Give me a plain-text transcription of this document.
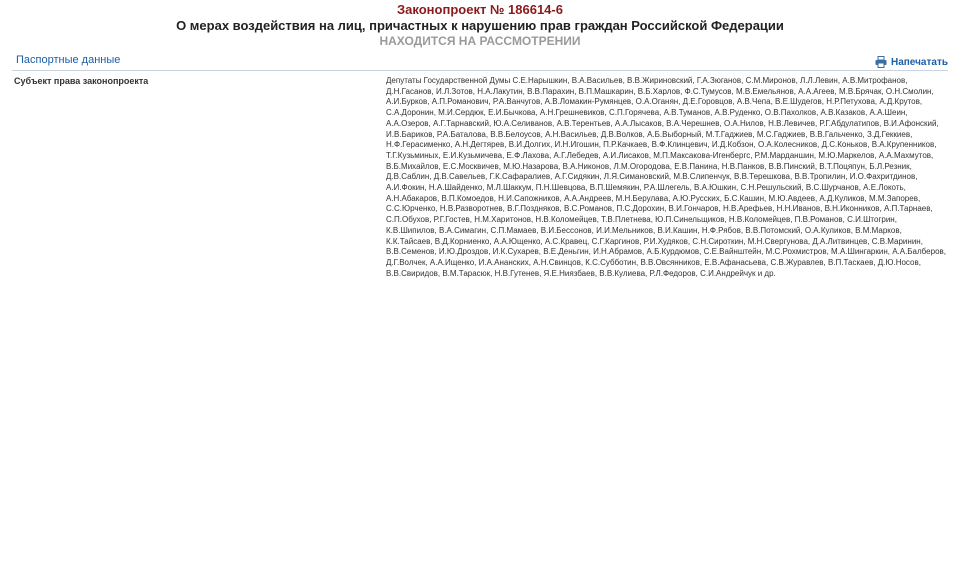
Законопроект № 186614-6
О мерах воздействия на лиц, причастных к нарушению прав граждан Российской Федерации
НАХОДИТСЯ НА РАССМОТРЕНИИ
Паспортные данные	Напечатать
Субъект права законопроекта	Депутаты Государственной Думы С.Е.Нарышкин, В.А.Васильев, В.В.Жириновский, Г.А.Зюганов, С.М.Миронов, Л.Л.Левин, А.В.Митрофанов, Д.Н.Гасанов, И.Л.Зотов, Н.А.Лакутин, В.В.Парахин, В.П.Машкарин, В.Б.Харлов, Ф.С.Тумусов, М.В.Емельянов, А.А.Агеев, М.В.Брячак, О.Н.Смолин, А.И.Бурков, А.П.Романович, Р.А.Ванчугов, А.В.Ломакин-Румянцев, О.А.Оганян, Д.Е.Горовцов, А.В.Чепа, В.Е.Шудегов, Н.Р.Петухова, А.Д.Крутов, С.А.Доронин, М.И.Сердюк, Е.И.Бычкова, А.Н.Грешневиков, С.П.Горячева, А.В.Туманов, А.В.Руденко, О.В.Пахолков, А.В.Казаков, А.А.Шеин, А.А.Озеров, А.Г.Тарнавский, Ю.А.Селиванов, А.В.Терентьев, А.А.Лысаков, В.А.Черешнев, О.А.Нилов, Н.В.Левичев, Р.Г.Абдулатипов, В.И.Афонский, И.В.Бариков, Р.А.Баталова, В.В.Белоусов, А.Н.Васильев, Д.В.Волков, А.Б.Выборный, М.Т.Гаджиев, М.С.Гаджиев, В.В.Гальченко, З.Д.Геккиев, Н.Ф.Герасименко, А.Н.Дегтярев, В.И.Долгих, И.Н.Игошин, П.Р.Качкаев, В.Ф.Клинцевич, И.Д.Кобзон, О.А.Колесников, Д.С.Коньков, В.А.Крупенников, Т.Г.Кузьминых, Е.И.Кузьмичева, Е.Ф.Лахова, А.Г.Лебедев, А.И.Лисаков, М.П.Максакова-Игенбергс, Р.М.Марданшин, М.Ю.Маркелов, А.А.Махмутов, В.Б.Михайлов, Е.С.Москвичев, М.Ю.Назарова, В.А.Никонов, Л.М.Огородова, Е.В.Панина, Н.В.Панков, В.В.Пинский, В.Т.Поцяпун, Б.Л.Резник, Д.В.Саблин, Д.В.Савельев, Г.К.Сафаралиев, А.Г.Сидякин, Л.Я.Симановский, М.В.Слипенчук, В.В.Терешкова, В.В.Тропилин, И.О.Фахритдинов, А.И.Фокин, Н.А.Шайденко, М.Л.Шаккум, П.Н.Шевцова, В.П.Шемякин, Р.А.Шлегель, В.А.Юшкин, С.Н.Решульский, В.С.Шурчанов, А.Е.Локоть, А.Н.Абакаров, В.П.Комоедов, Н.И.Сапожников, А.А.Андреев, М.Н.Берулава, А.Ю.Русских, Б.С.Кашин, М.Ю.Авдеев, А.Д.Куликов, М.М.Запорев, С.С.Юрченко, Н.В.Разворотнев, В.Г.Поздняков, В.С.Романов, П.С.Дорохин, В.И.Гончаров, Н.В.Арефьев, Н.Н.Иванов, В.Н.Иконников, А.П.Тарнаев, С.П.Обухов, Р.Г.Гостев, Н.М.Харитонов, Н.В.Коломейцев, Т.В.Плетнева, Ю.П.Синельщиков, Н.В.Коломейцев, П.В.Романов, С.И.Штогрин, К.В.Шипилов, В.А.Симагин, С.П.Мамаев, В.И.Бессонов, И.И.Мельников, В.И.Кашин, Н.Ф.Рябов, В.В.Потомский, О.А.Куликов, В.М.Марков, К.К.Тайсаев, В.Д.Корниенко, А.А.Ющенко, А.С.Кравец, С.Г.Каргинов, Р.И.Худяков, С.Н.Сироткин, М.Н.Свергунова, Д.А.Литвинцев, С.В.Маринин, В.В.Семенов, И.Ю.Дроздов, И.К.Сухарев, В.Е.Деньгин, И.Н.Абрамов, А.Б.Курдюмов, С.Е.Вайнштейн, М.С.Рохмистров, М.А.Шингаркин, А.А.Балберов, Д.Г.Волчек, А.А.Ищенко, И.А.Ананских, А.Н.Свинцов, К.С.Субботин, В.В.Овсянников, Е.В.Афанасьева, С.В.Журавлев, В.П.Таскаев, Д.Ю.Носов, В.В.Свиридов, В.М.Тарасюк, Н.В.Гутенев, Я.Е.Ниязбаев, В.В.Кулиева, Р.Л.Федоров, С.И.Андрейчук и др.
